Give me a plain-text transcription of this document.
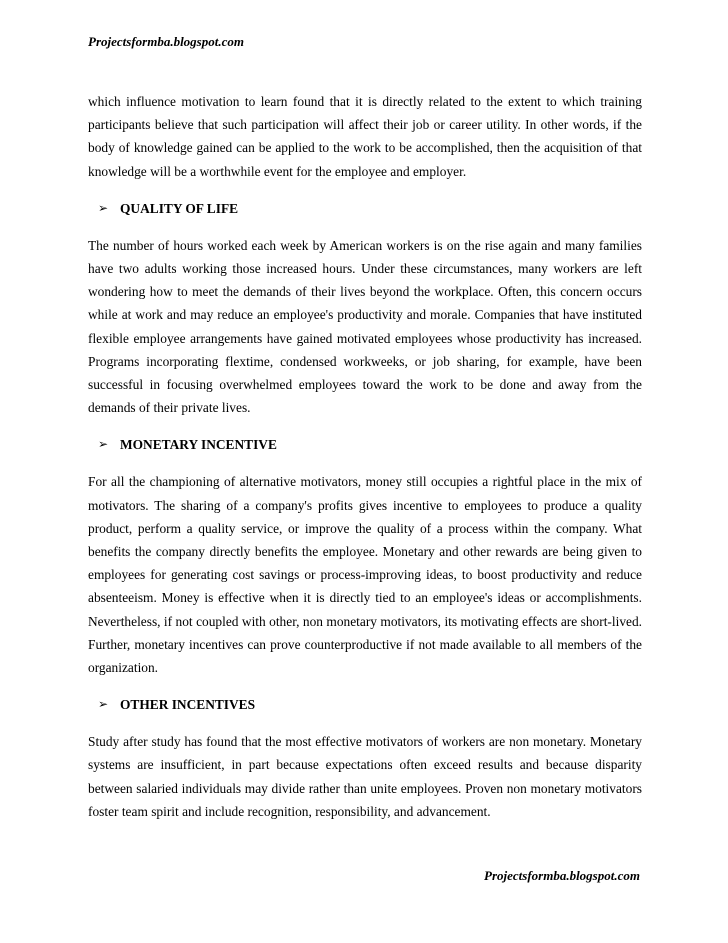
Projectsformba.blogspot.com

which influence motivation to learn found that it is directly related to the extent to which training participants believe that such participation will affect their job or career utility. In other words, if the body of knowledge gained can be applied to the work to be accomplished, then the acquisition of that knowledge will be a worthwhile event for the employee and employer.

➢ QUALITY OF LIFE

The number of hours worked each week by American workers is on the rise again and many families have two adults working those increased hours. Under these circumstances, many workers are left wondering how to meet the demands of their lives beyond the workplace. Often, this concern occurs while at work and may reduce an employee's productivity and morale. Companies that have instituted flexible employee arrangements have gained motivated employees whose productivity has increased. Programs incorporating flextime, condensed workweeks, or job sharing, for example, have been successful in focusing overwhelmed employees toward the work to be done and away from the demands of their private lives.

➢ MONETARY INCENTIVE

For all the championing of alternative motivators, money still occupies a rightful place in the mix of motivators. The sharing of a company's profits gives incentive to employees to produce a quality product, perform a quality service, or improve the quality of a process within the company. What benefits the company directly benefits the employee. Monetary and other rewards are being given to employees for generating cost savings or process-improving ideas, to boost productivity and reduce absenteeism. Money is effective when it is directly tied to an employee's ideas or accomplishments. Nevertheless, if not coupled with other, non monetary motivators, its motivating effects are short-lived. Further, monetary incentives can prove counterproductive if not made available to all members of the organization.

➢ OTHER INCENTIVES

Study after study has found that the most effective motivators of workers are non monetary. Monetary systems are insufficient, in part because expectations often exceed results and because disparity between salaried individuals may divide rather than unite employees. Proven non monetary motivators foster team spirit and include recognition, responsibility, and advancement.

Projectsformba.blogspot.com
